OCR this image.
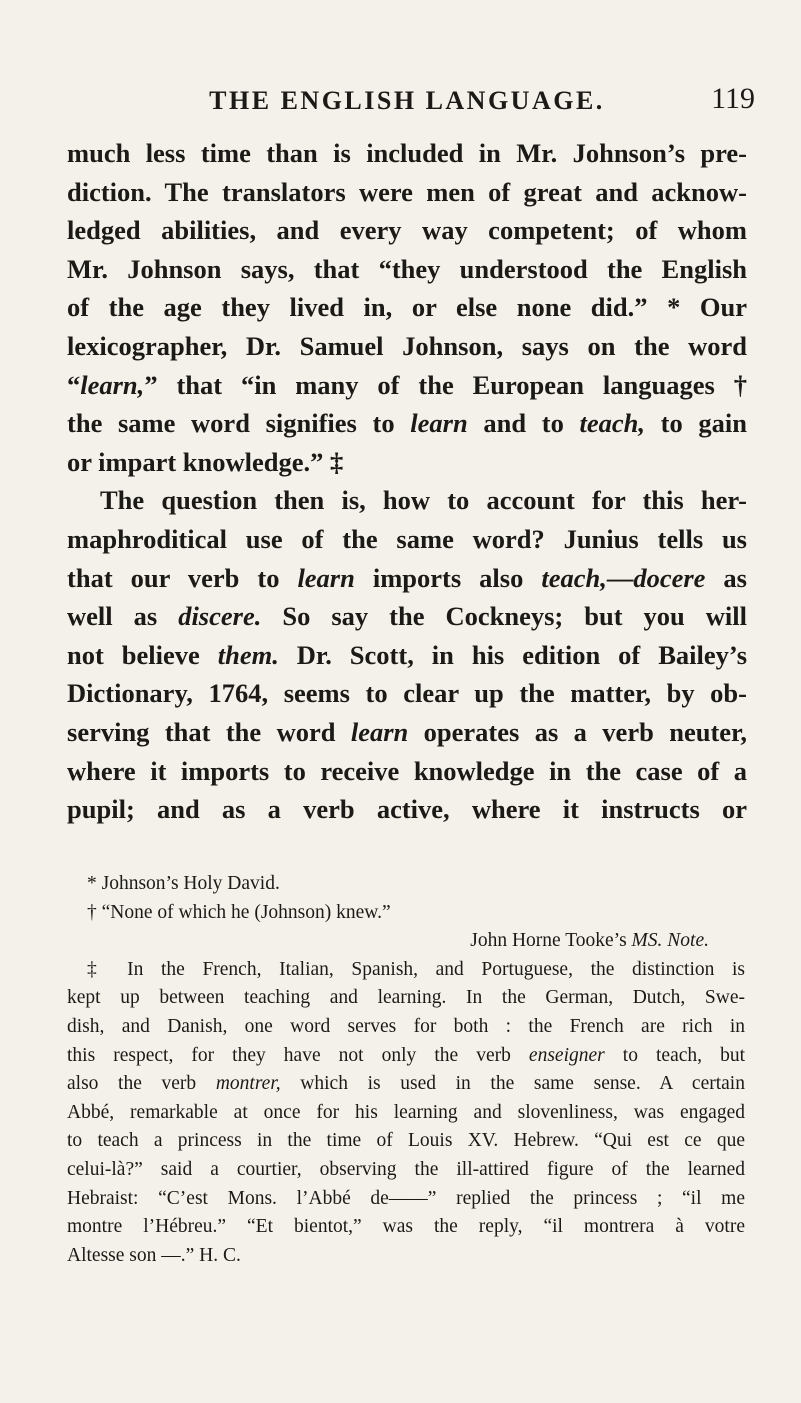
THE ENGLISH LANGUAGE.	119
much less time than is included in Mr. Johnson’s pre-
diction. The translators were men of great and acknow-
ledged abilities, and every way competent; of whom
Mr. Johnson says, that “they understood the English
of the age they lived in, or else none did.” * Our
lexicographer, Dr. Samuel Johnson, says on the word
“learn,” that “in many of the European languages †
the same word signifies to learn and to teach, to gain
or impart knowledge.” ‡
The question then is, how to account for this her-
maphroditical use of the same word? Junius tells us
that our verb to learn imports also teach,—docere as
well as discere. So say the Cockneys; but you will
not believe them. Dr. Scott, in his edition of Bailey’s
Dictionary, 1764, seems to clear up the matter, by ob-
serving that the word learn operates as a verb neuter,
where it imports to receive knowledge in the case of a
pupil; and as a verb active, where it instructs or
* Johnson’s Holy David.
† “None of which he (Johnson) knew.”
John Horne Tooke’s MS. Note.
‡ In the French, Italian, Spanish, and Portuguese, the distinction is
kept up between teaching and learning. In the German, Dutch, Swe-
dish, and Danish, one word serves for both : the French are rich in
this respect, for they have not only the verb enseigner to teach, but
also the verb montrer, which is used in the same sense. A certain
Abbé, remarkable at once for his learning and slovenliness, was engaged
to teach a princess in the time of Louis XV. Hebrew. “Qui est ce que
celui-là?” said a courtier, observing the ill-attired figure of the learned
Hebraist: “C’est Mons. l’Abbé de——” replied the princess ; “il me
montre l’Hébreu.” “Et bientot,” was the reply, “il montrera à votre
Altesse son —.” H. C.
